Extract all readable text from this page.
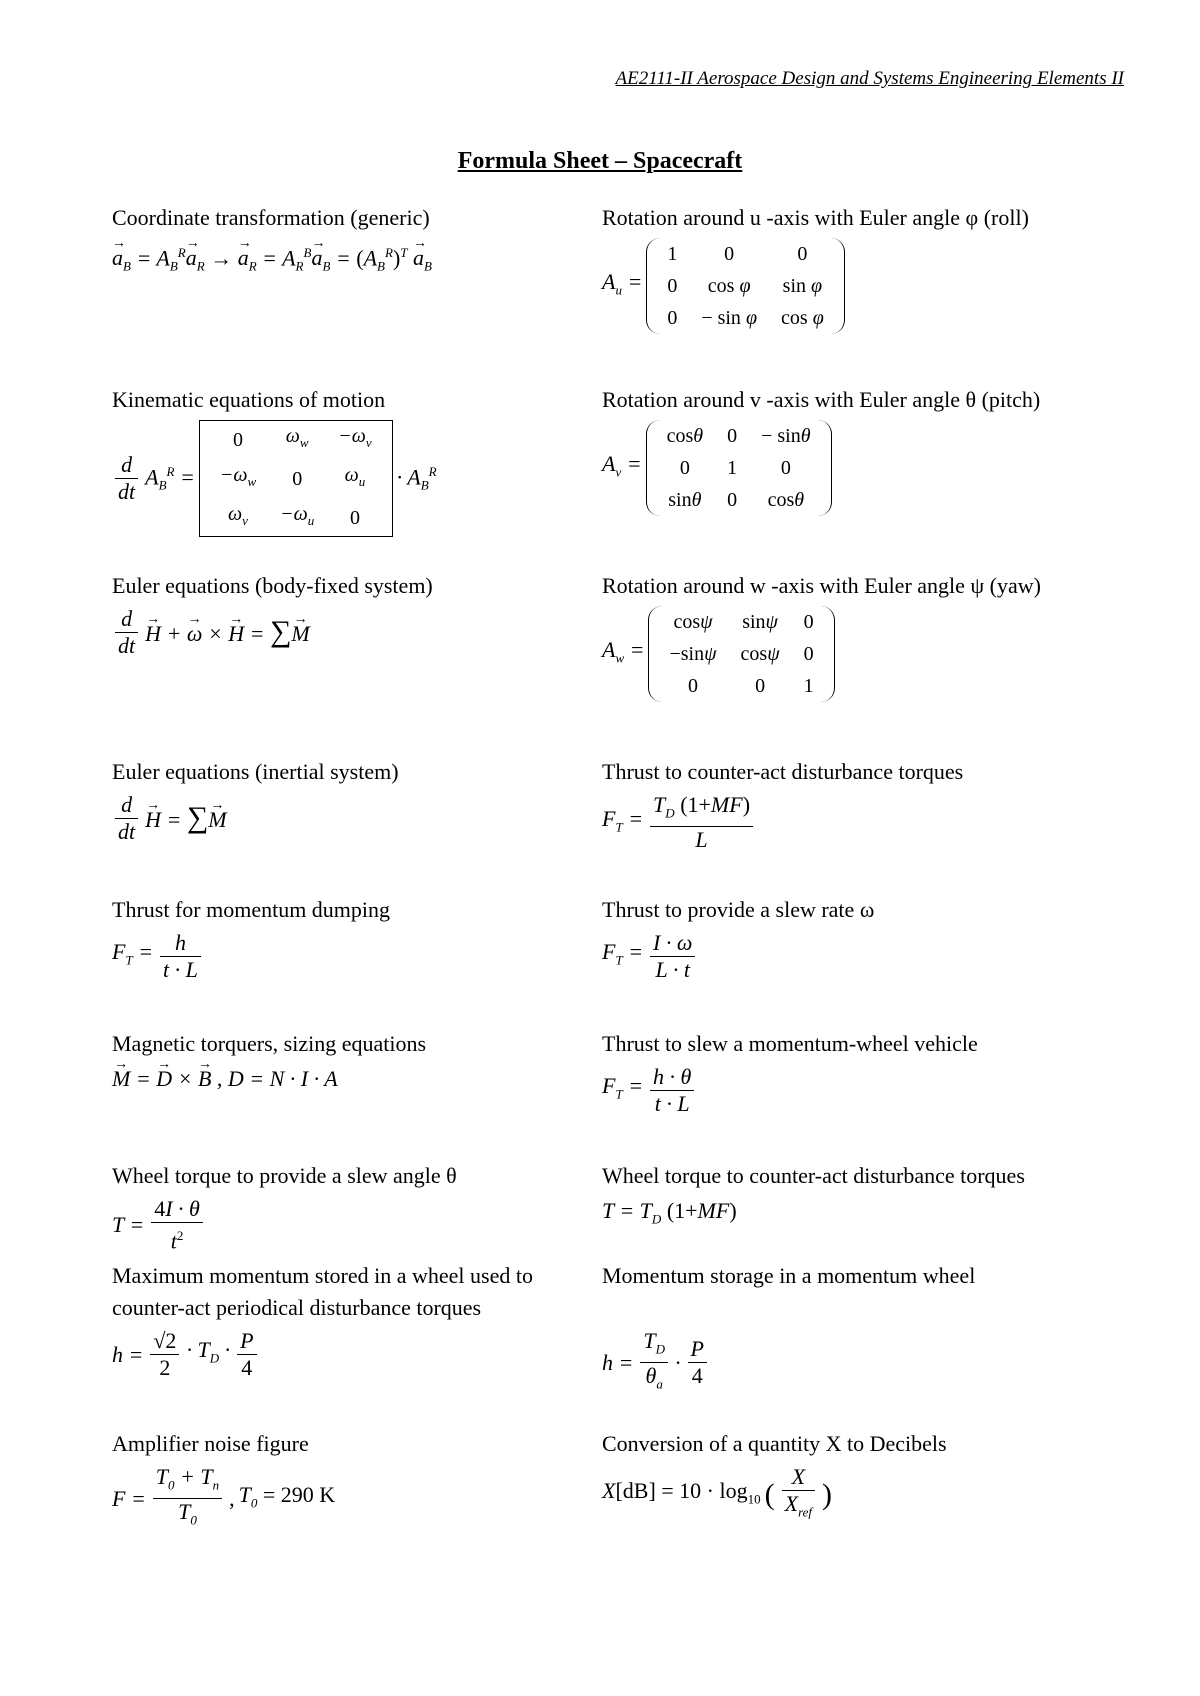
AE2111-II Aerospace Design and Systems Engineering Elements II
Formula Sheet – Spacecraft
Coordinate transformation (generic)
→ $a_B = A_B^R\to a_R$ → → $a_R = A_R^B\to a_B = (A_B^R)^T \to a_B$
Kinematic equations of motion
$\frac{d}{dt} A_B^R$ =
0	$\omega_w$	$-\omega_v$
$-\omega_w$	0	$\omega_u$
$\omega_v$	$-\omega_u$	0
· $A_B^R$
Euler equations (body-fixed system)
$\frac{d}{dt} \to H$ + → ω × → H = ∑→ M
Euler equations (inertial system)
$\frac{d}{dt} \to H$ = ∑→ M
Thrust for momentum dumping
$F_T = \frac{h}{t \cdot L}$
Magnetic torquers, sizing equations
→ M = → D × → B , D = N · I · A
Wheel torque to provide a slew angle θ
$T = \frac{4I \cdot \theta}{t^2}$
Maximum momentum stored in a wheel used to counter-act periodical disturbance torques
$h = \frac{√2}{2} \cdot T_D \cdot \frac{P}{4}$
Amplifier noise figure
$F = \frac{T_0 + T_n}{T_0}$ , $T_0 = 290$ K
Rotation around u -axis with Euler angle φ (roll)
$A_u$ =
1	0	0
0	cos φ	sin φ
0	− sin φ	cos φ
Rotation around v -axis with Euler angle θ (pitch)
$A_v$ =
cosθ	0	− sinθ
0	1	0
sinθ	0	cosθ
Rotation around w -axis with Euler angle ψ (yaw)
$A_w$ =
cosψ	sinψ	0
−sinψ	cosψ	0
0	0	1
Thrust to counter-act disturbance torques
$F_T = \frac{T_D (1+MF)}{L}$
Thrust to provide a slew rate ω
$F_T = \frac{I \cdot \omega}{L \cdot t}$
Thrust to slew a momentum-wheel vehicle
$F_T = \frac{h \cdot \theta}{t \cdot L}$
Wheel torque to counter-act disturbance torques
$T = T_D$ (1+MF)
Momentum storage in a momentum wheel
$h = \frac{T_D}{\theta_a} \cdot \frac{P}{4}$
Conversion of a quantity X to Decibels
$X[dB] = 10 \cdot \log_{10}$ ( $\frac{X}{X_{ref}}$ )
